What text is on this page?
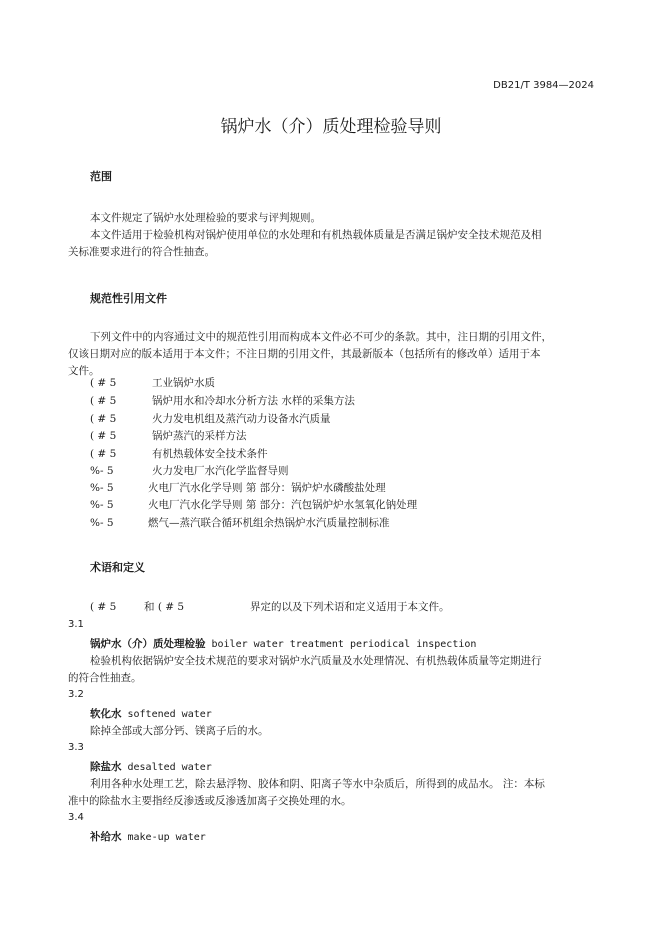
DB21/T 3984—2024
锅炉水（介）质处理检验导则
范围
本文件规定了锅炉水处理检验的要求与评判规则。
本文件适用于检验机构对锅炉使用单位的水处理和有机热载体质量是否满足锅炉安全技术规范及相
关标准要求进行的符合性抽查。
规范性引用文件
下列文件中的内容通过文中的规范性引用而构成本文件必不可少的条款。其中，注日期的引用文件，
仅该日期对应的版本适用于本文件；不注日期的引用文件，其最新版本（包括所有的修改单）适用于本
文件。
( # 5	工业锅炉水质
( # 5	锅炉用水和冷却水分析方法 水样的采集方法
( # 5	火力发电机组及蒸汽动力设备水汽质量
( # 5	锅炉蒸汽的采样方法
( # 5	有机热载体安全技术条件
%- 5	火力发电厂水汽化学监督导则
%- 5	火电厂汽水化学导则 第 部分：锅炉炉水磷酸盐处理
%- 5	火电厂汽水化学导则 第 部分：汽包锅炉炉水氢氧化钠处理
%- 5	燃气—蒸汽联合循环机组余热锅炉水汽质量控制标准
术语和定义
( # 5	和 ( # 5	界定的以及下列术语和定义适用于本文件。
3.1
锅炉水（介）质处理检验 boiler water treatment periodical inspection
检验机构依据锅炉安全技术规范的要求对锅炉水汽质量及水处理情况、有机热载体质量等定期进行
的符合性抽查。
3.2
软化水 softened water
除掉全部或大部分钙、镁离子后的水。
3.3
除盐水 desalted water
利用各种水处理工艺，除去悬浮物、胶体和阴、阳离子等水中杂质后，所得到的成品水。 注：本标
准中的除盐水主要指经反渗透或反渗透加离子交换处理的水。
3.4
补给水 make-up water
